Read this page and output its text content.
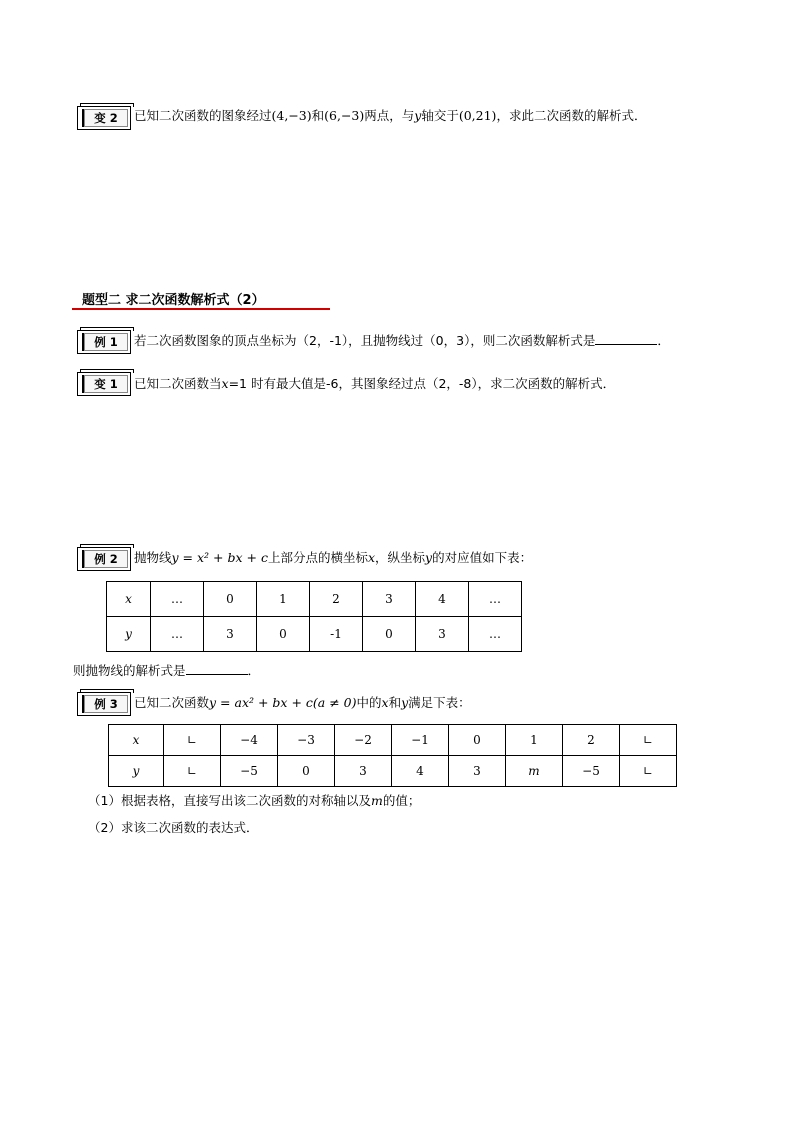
变 2	已知二次函数的图象经过(4,−3)和(6,−3)两点，与y轴交于(0,21)，求此二次函数的解析式．
题型二 求二次函数解析式（2）
例 1	若二次函数图象的顶点坐标为（2，-1），且抛物线过（0，3），则二次函数解析式是	．
变 1	已知二次函数当x=1 时有最大值是-6，其图象经过点（2，-8），求二次函数的解析式．
例 2	抛物线y = x² + bx + c上部分点的横坐标x，纵坐标y的对应值如下表：
x	…	0	1	2	3	4	…
y	…	3	0	-1	0	3	…
则抛物线的解析式是	．
例 3	已知二次函数y = ax² + bx + c(a ≠ 0)中的x和y满足下表：
x	∟	−4	−3	−2	−1	0	1	2	∟
y	∟	−5	0	3	4	3	m	−5	∟
（1）根据表格，直接写出该二次函数的对称轴以及m的值；
（2）求该二次函数的表达式．
